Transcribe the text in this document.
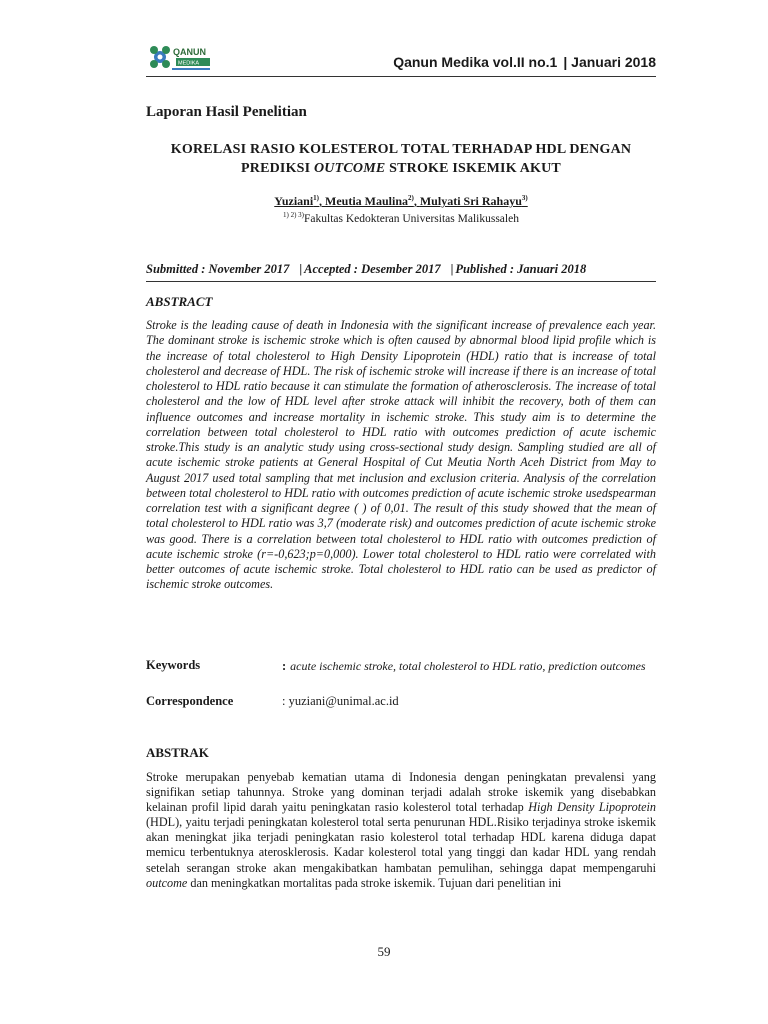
QANUN
MEDIKA	Qanun Medika vol.II no.1 | Januari 2018
Laporan Hasil Penelitian
KORELASI RASIO KOLESTEROL TOTAL TERHADAP HDL DENGAN
PREDIKSI OUTCOME STROKE ISKEMIK AKUT
Yuziani$^{1)}$, Meutia Maulina$^{2)}$, Mulyati Sri Rahayu$^{3)}$
$^{1) 2) 3)}$Fakultas Kedokteran Universitas Malikussaleh
Submitted : November 2017 | Accepted : Desember 2017 | Published : Januari 2018
ABSTRACT

Stroke is the leading cause of death in Indonesia with the significant increase of prevalence each year. The dominant stroke is ischemic stroke which is often caused by abnormal blood lipid profile which is the increase of total cholesterol to High Density Lipoprotein (HDL) ratio that is increase of total cholesterol and decrease of HDL. The risk of ischemic stroke will increase if there is an increase of total cholesterol to HDL ratio because it can stimulate the formation of atherosclerosis. The increase of total cholesterol and the low of HDL level after stroke attack will inhibit the recovery, both of them can influence outcomes and increase mortality in ischemic stroke. This study aim is to determine the correlation between total cholesterol to HDL ratio with outcomes prediction of acute ischemic stroke.This study is an analytic study using cross-sectional study design. Sampling studied are all of acute ischemic stroke patients at General Hospital of Cut Meutia North Aceh District from May to August 2017 used total sampling that met inclusion and exclusion criteria. Analysis of the correlation between total cholesterol to HDL ratio with outcomes prediction of acute ischemic stroke usedspearman correlation test with a significant degree ( ) of 0,01. The result of this study showed that the mean of total cholesterol to HDL ratio was 3,7 (moderate risk) and outcomes prediction of acute ischemic stroke was good. There is a correlation between total cholesterol to HDL ratio with outcomes prediction of acute ischemic stroke (r=-0,623;p=0,000). Lower total cholesterol to HDL ratio were correlated with better outcomes of acute ischemic stroke. Total cholesterol to HDL ratio can be used as predictor of ischemic stroke outcomes.

Keywords	: acute ischemic stroke, total cholesterol to HDL ratio, prediction outcomes
Correspondence	: yuziani@unimal.ac.id
ABSTRAK

Stroke merupakan penyebab kematian utama di Indonesia dengan peningkatan prevalensi yang signifikan setiap tahunnya. Stroke yang dominan terjadi adalah stroke iskemik yang disebabkan kelainan profil lipid darah yaitu peningkatan rasio kolesterol total terhadap High Density Lipoprotein (HDL), yaitu terjadi peningkatan kolesterol total serta penurunan HDL.Risiko terjadinya stroke iskemik akan meningkat jika terjadi peningkatan rasio kolesterol total terhadap HDL karena diduga dapat memicu terbentuknya aterosklerosis. Kadar kolesterol total yang tinggi dan kadar HDL yang rendah setelah serangan stroke akan mengakibatkan hambatan pemulihan, sehingga dapat mempengaruhi outcome dan meningkatkan mortalitas pada stroke iskemik. Tujuan dari penelitian ini

59
